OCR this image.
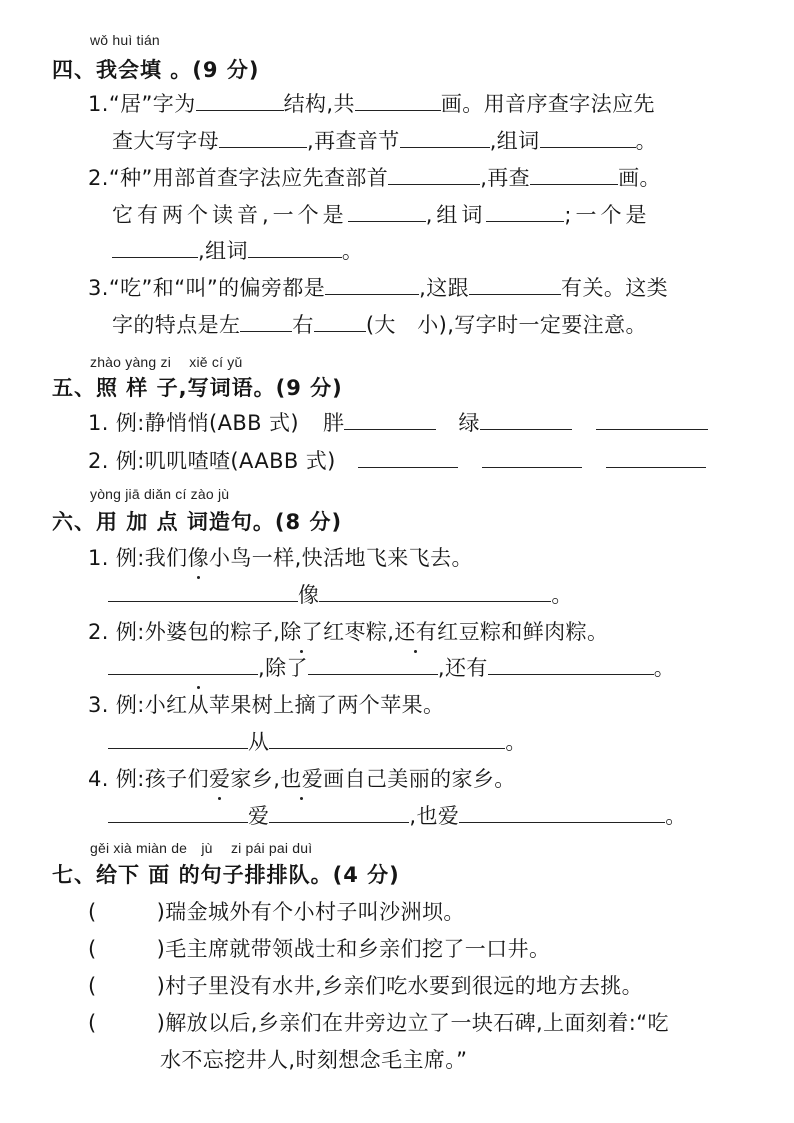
wǒ huì tián
四、我会填 。(9 分)
1.“居”字为	结构,共	画。用音序查字法应先
查大写字母	,再查音节	,组词	。
2.“种”用部首查字法应先查部首	,再查	画。
它有两个读音,一个是	,组词	;一个是
,组词	。
3.“吃”和“叫”的偏旁都是	,这跟	有关。这类
字的特点是左 右 (大　小),写字时一定要注意。
zhào yàng zi　 xiě cí yǔ
五、照 样 子,写词语。(9 分)
1. 例:静悄悄(ABB 式) 胖	绿
2. 例:叽叽喳喳(AABB 式)
yòng jiā diǎn cí zào jù
六、用 加 点 词造句。(8 分)
1. 例:我们像小鸟一样,快活地飞来飞去。
像	。
2. 例:外婆包的粽子,除了红枣粽,还有红豆粽和鲜肉粽。
,除了	,还有	。
3. 例:小红从苹果树上摘了两个苹果。
从	。
4. 例:孩子们爱家乡,也爱画自己美丽的家乡。
爱	,也爱	。
gěi xià miàn de　jù　 zi pái pai duì
七、给下 面 的句子排排队。(4 分)
(	)瑞金城外有个小村子叫沙洲坝。
(	)毛主席就带领战士和乡亲们挖了一口井。
(	)村子里没有水井,乡亲们吃水要到很远的地方去挑。
(	)解放以后,乡亲们在井旁边立了一块石碑,上面刻着:“吃
水不忘挖井人,时刻想念毛主席。”
